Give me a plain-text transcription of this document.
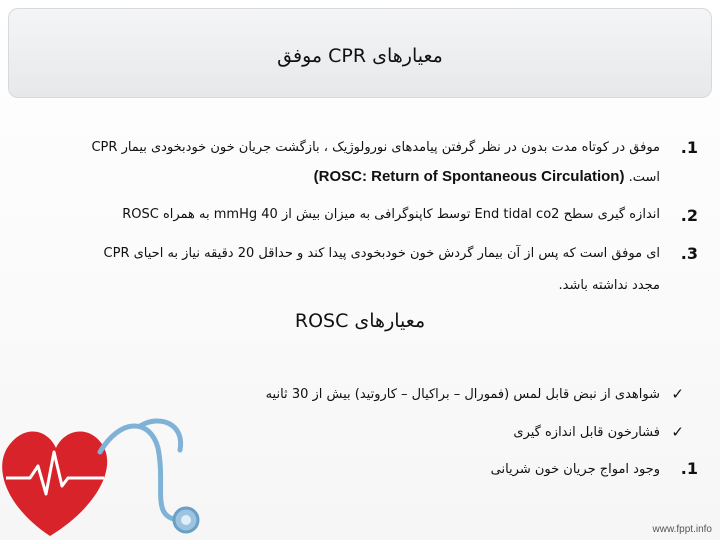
معیارهای CPR موفق
.1
CPR موفق در کوتاه مدت بدون در نظر گرفتن پیامدهای نورولوژیک ، بازگشت جریان خون خودبخودی بیمار
(ROSC: Return of Spontaneous Circulation) است.
.2
اندازه گیری سطح End tidal co2 توسط کاپنوگرافی به میزان بیش از 40 mmHg به همراه ROSC
.3
CPR ای موفق است که پس از آن بیمار گردش خون خودبخودی پیدا کند و حداقل 20 دقیقه نیاز به احیای
مجدد نداشته باشد.
معیارهای ROSC
✓
شواهدی از نبض قابل لمس (فمورال – براکیال – کاروتید) بیش از 30 ثانیه
✓
فشارخون قابل اندازه گیری
.1
وجود امواج جریان خون شریانی
www.fppt.info
